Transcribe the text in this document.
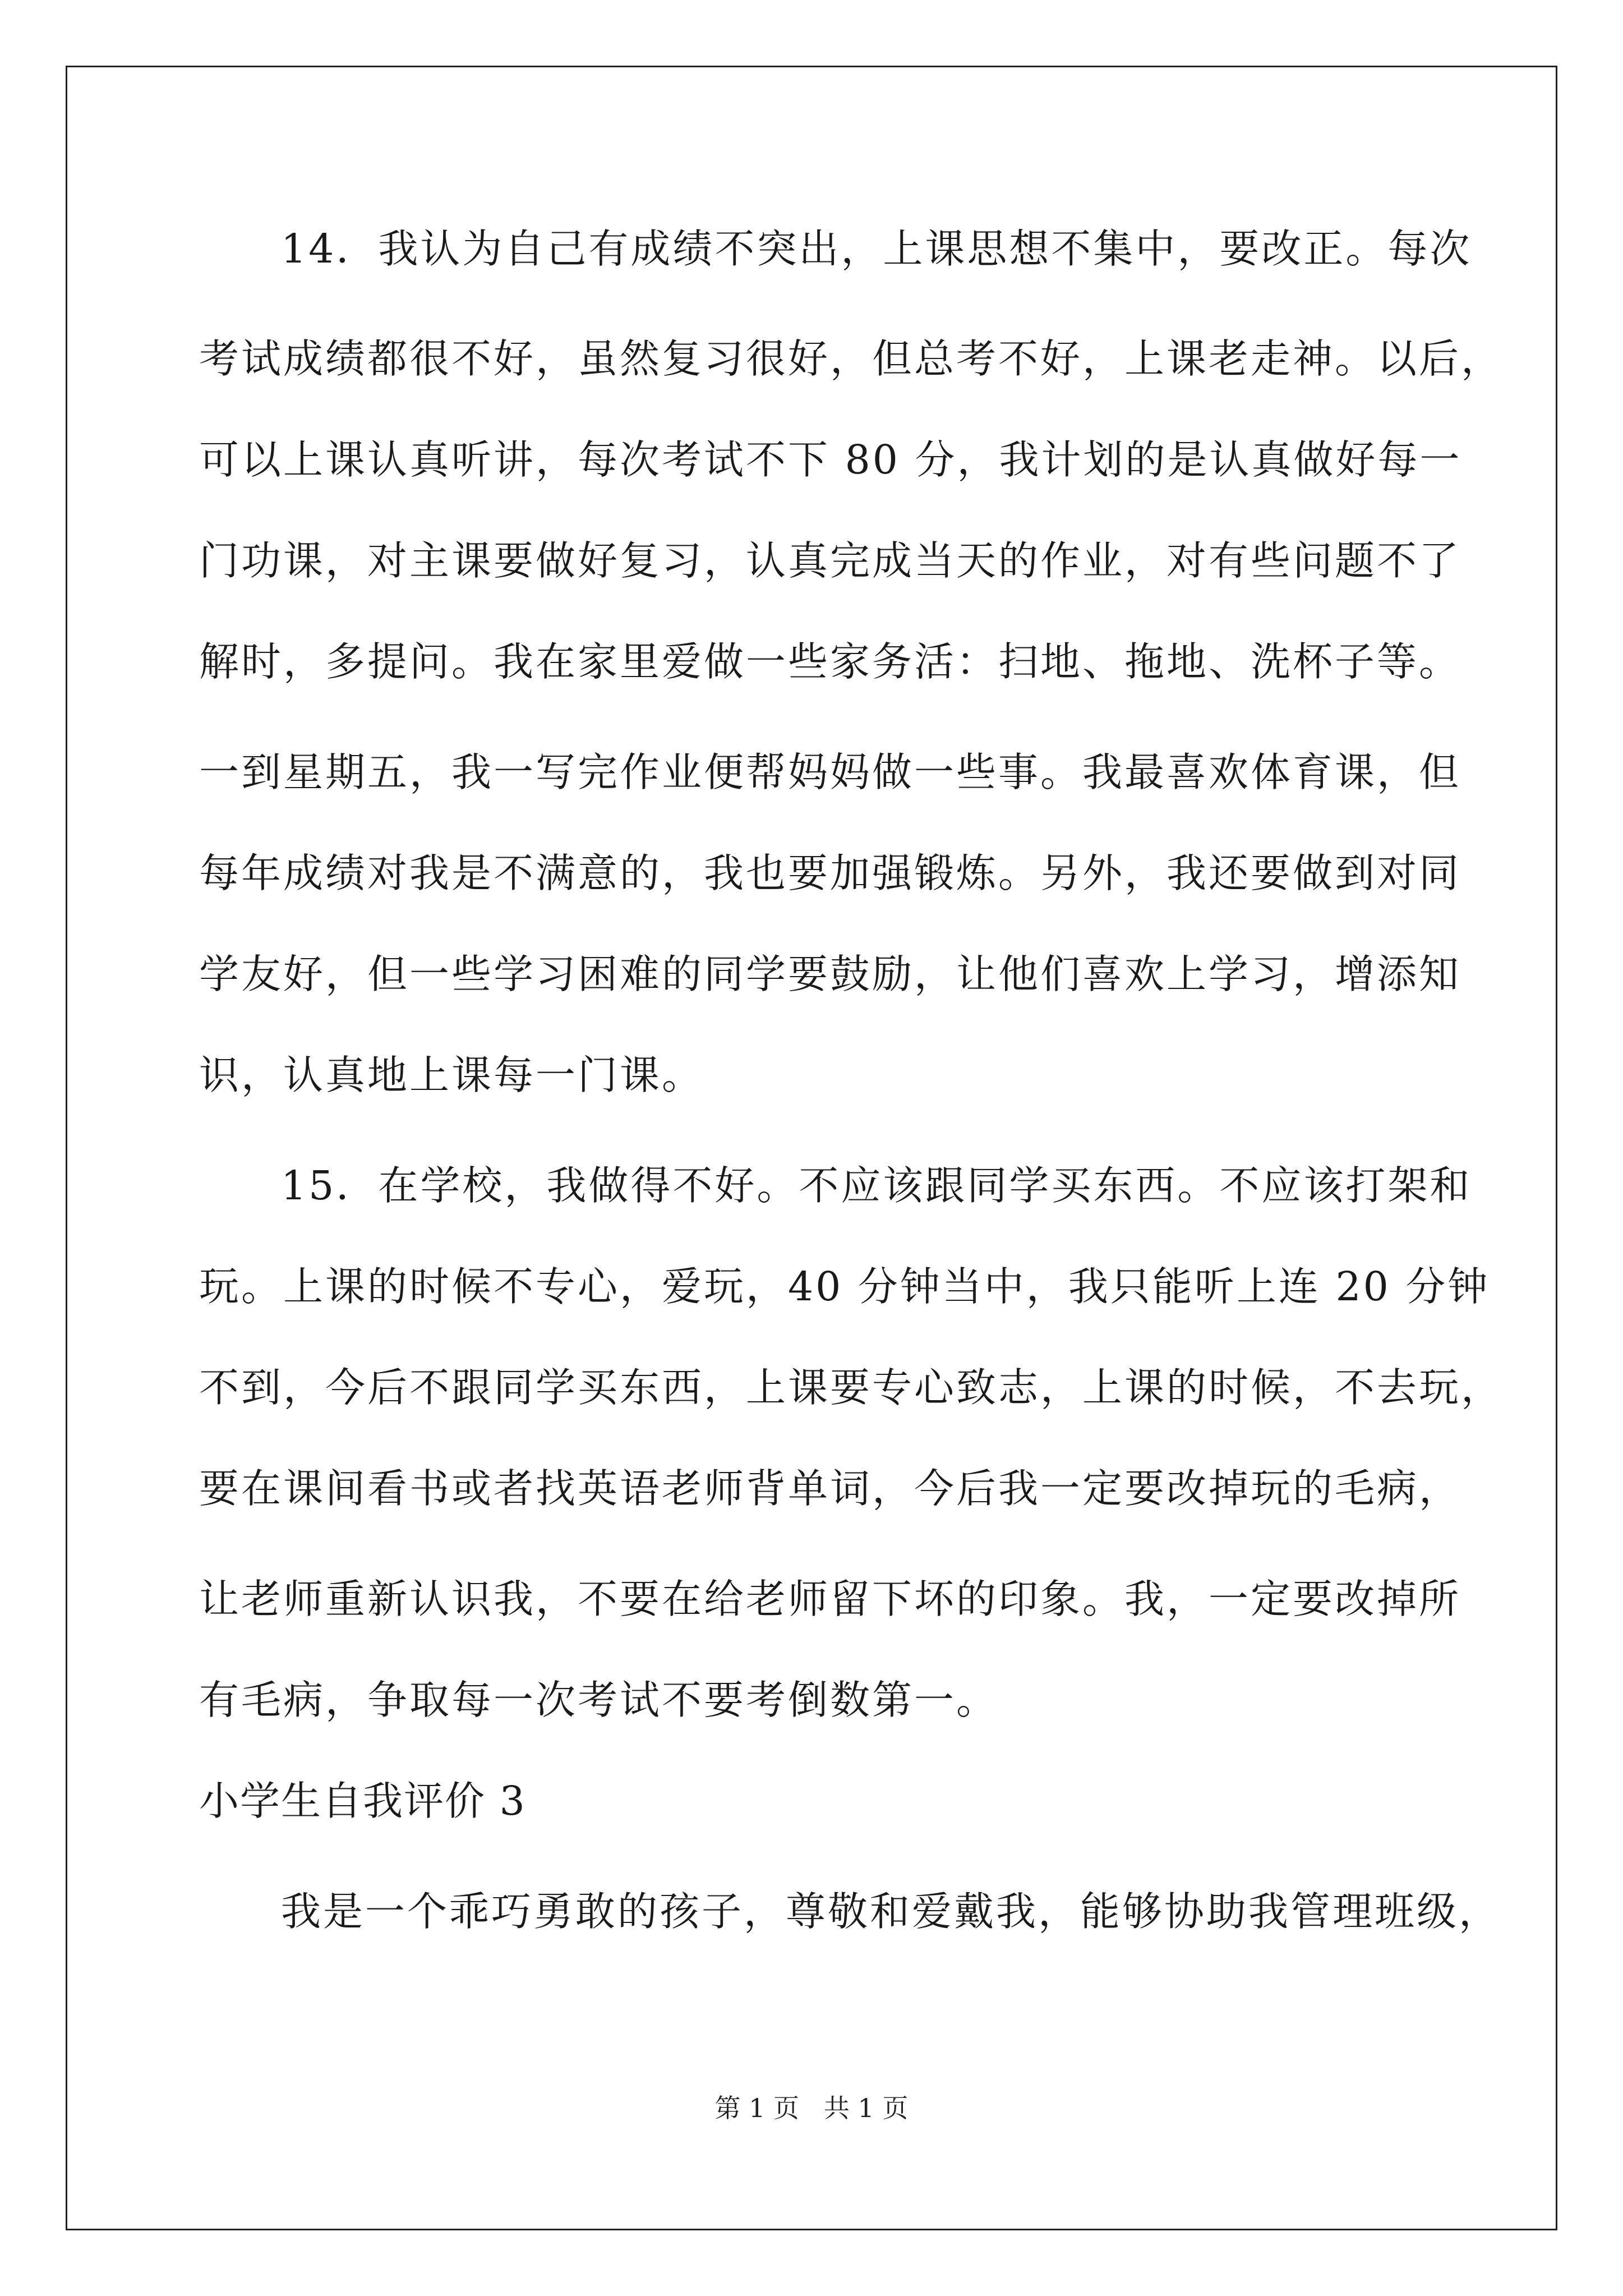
14．我认为自己有成绩不突出，上课思想不集中，要改正。每次
考试成绩都很不好，虽然复习很好，但总考不好，上课老走神。以后，
可以上课认真听讲，每次考试不下 80 分，我计划的是认真做好每一
门功课，对主课要做好复习，认真完成当天的作业，对有些问题不了
解时，多提问。我在家里爱做一些家务活：扫地、拖地、洗杯子等。
一到星期五，我一写完作业便帮妈妈做一些事。我最喜欢体育课，但
每年成绩对我是不满意的，我也要加强锻炼。另外，我还要做到对同
学友好，但一些学习困难的同学要鼓励，让他们喜欢上学习，增添知
识，认真地上课每一门课。
15．在学校，我做得不好。不应该跟同学买东西。不应该打架和
玩。上课的时候不专心，爱玩，40 分钟当中，我只能听上连 20 分钟
不到，今后不跟同学买东西，上课要专心致志，上课的时候，不去玩，
要在课间看书或者找英语老师背单词，今后我一定要改掉玩的毛病，
让老师重新认识我，不要在给老师留下坏的印象。我，一定要改掉所
有毛病，争取每一次考试不要考倒数第一。
小学生自我评价 3
我是一个乖巧勇敢的孩子，尊敬和爱戴我，能够协助我管理班级，
第 1 页   共 1 页
